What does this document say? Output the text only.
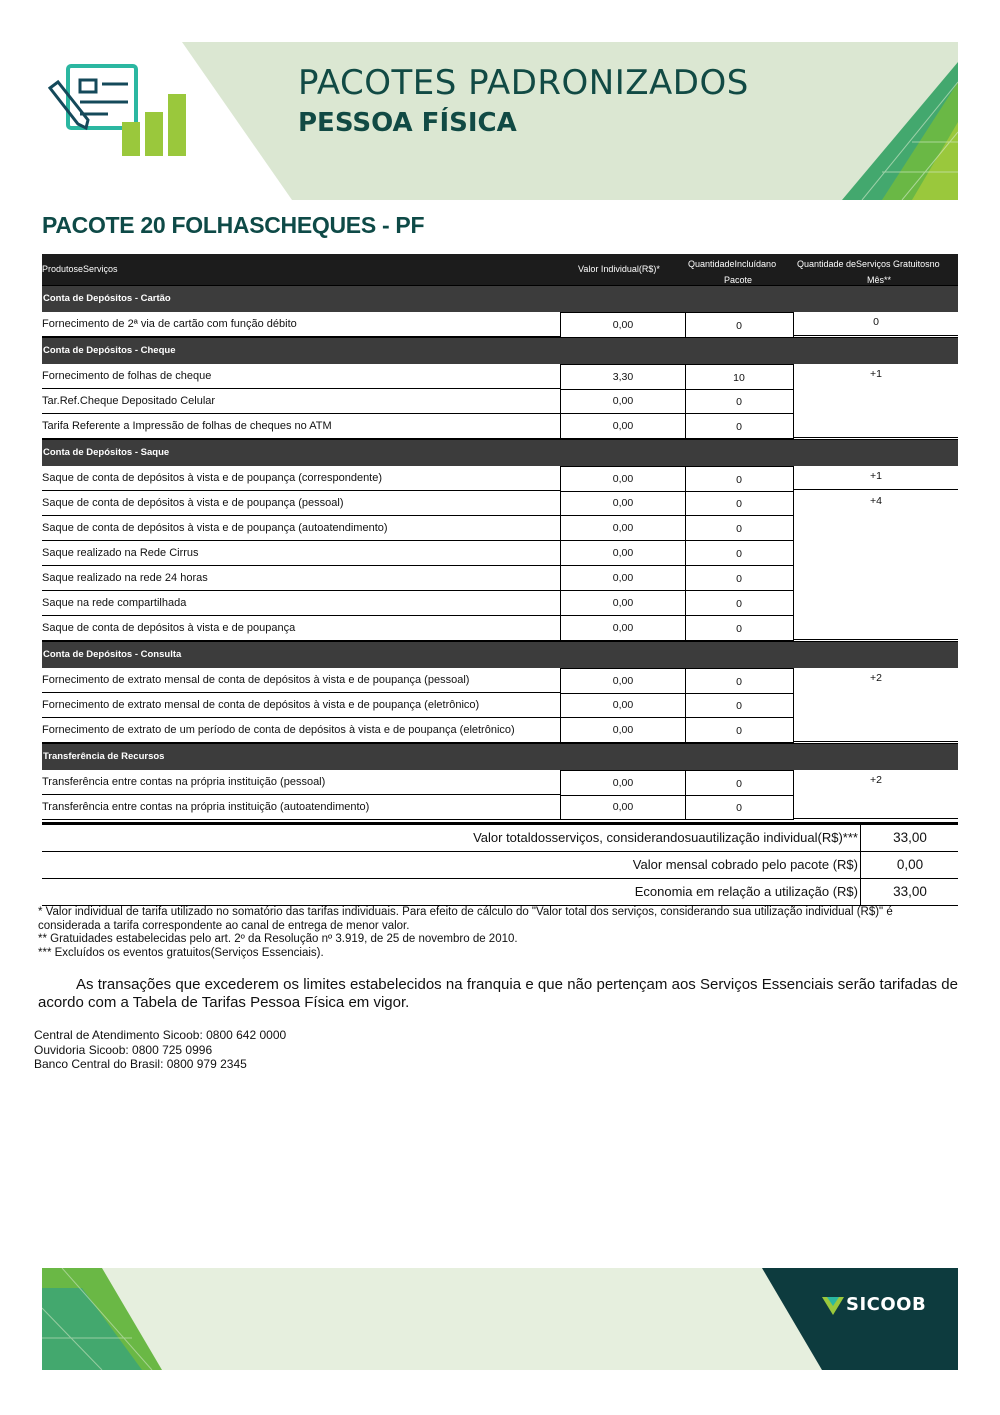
PACOTES PADRONIZADOS
PESSOA FÍSICA
PACOTE 20 FOLHASCHEQUES - PF
ProdutoseServiços	Valor Individual(R$)*	QuantidadeIncluídano
Pacote
Quantidade deServiços Gratuitosno
Mês**
Conta de Depósitos - Cartão
Fornecimento de 2ª via de cartão com função débito	0,00	0	0
Conta de Depósitos - Cheque
Fornecimento de folhas de cheque	3,30	10	+1
Tar.Ref.Cheque Depositado Celular	0,00	0
Tarifa Referente a Impressão de folhas de cheques no ATM	0,00	0
Conta de Depósitos - Saque
Saque de conta de depósitos à vista e de poupança (correspondente)	0,00	0	+1
Saque de conta de depósitos à vista e de poupança (pessoal)	0,00	0	+4
Saque de conta de depósitos à vista e de poupança (autoatendimento)	0,00	0
Saque realizado na Rede Cirrus	0,00	0
Saque realizado na rede 24 horas	0,00	0
Saque na rede compartilhada	0,00	0
Saque de conta de depósitos à vista e de poupança	0,00	0
Conta de Depósitos - Consulta
Fornecimento de extrato mensal de conta de depósitos à vista e de poupança (pessoal)	0,00	0	+2
Fornecimento de extrato mensal de conta de depósitos à vista e de poupança (eletrônico)	0,00	0
Fornecimento de extrato de um período de conta de depósitos à vista e de poupança (eletrônico)	0,00	0
Transferência de Recursos
Transferência entre contas na própria instituição (pessoal)	0,00	0	+2
Transferência entre contas na própria instituição (autoatendimento)	0,00	0
Valor totaldosserviços, considerandosuautilização individual(R$)***	33,00
Valor mensal cobrado pelo pacote (R$)	0,00
Economia em relação a utilização (R$)	33,00
* Valor individual de tarifa utilizado no somatório das tarifas individuais. Para efeito de cálculo do "Valor total dos serviços, considerando sua utilização individual (R$)" é considerada a tarifa correspondente ao canal de entrega de menor valor.
** Gratuidades estabelecidas pelo art. 2º da Resolução nº 3.919, de 25 de novembro de 2010.
*** Excluídos os eventos gratuitos(Serviços Essenciais).
As transações que excederem os limites estabelecidos na franquia e que não pertençam aos Serviços Essenciais serão tarifadas de acordo com a Tabela de Tarifas Pessoa Física em vigor.
Central de Atendimento Sicoob: 0800 642 0000
Ouvidoria Sicoob: 0800 725 0996
Banco Central do Brasil: 0800 979 2345
SICOOB
